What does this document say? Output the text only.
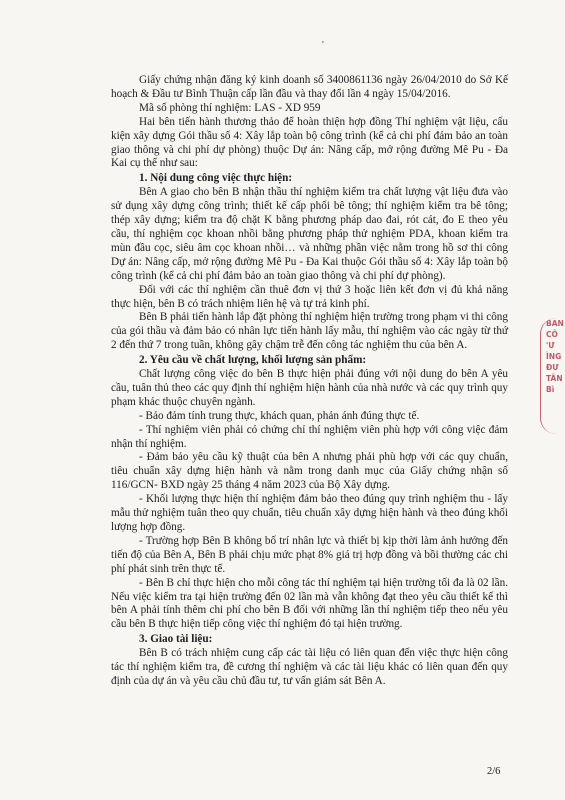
'

Giấy chứng nhận đăng ký kinh doanh số 3400861136 ngày 26/04/2010 do Sở Kế hoạch & Đầu tư Bình Thuận cấp lần đầu và thay đổi lần 4 ngày 15/04/2016.

Mã số phòng thí nghiệm: LAS - XD 959

Hai bên tiến hành thương thảo để hoàn thiện hợp đồng Thí nghiệm vật liệu, cấu kiện xây dựng Gói thầu số 4: Xây lắp toàn bộ công trình (kể cả chi phí đảm bảo an toàn giao thông và chi phí dự phòng) thuộc Dự án: Nâng cấp, mở rộng đường Mê Pu - Đa Kai cụ thể như sau:

1. Nội dung công việc thực hiện:

Bên A giao cho bên B nhận thầu thí nghiệm kiểm tra chất lượng vật liệu đưa vào sử dụng xây dựng công trình; thiết kế cấp phối bê tông; thí nghiệm kiểm tra bê tông; thép xây dựng; kiểm tra độ chặt K bằng phương pháp dao đai, rót cát, đo E theo yêu cầu, thí nghiệm cọc khoan nhồi bằng phương pháp thử nghiệm PDA, khoan kiểm tra mùn đầu cọc, siêu âm cọc khoan nhồi… và những phần việc nằm trong hồ sơ thi công Dự án: Nâng cấp, mở rộng đường Mê Pu - Đa Kai thuộc Gói thầu số 4: Xây lắp toàn bộ công trình (kể cả chi phí đảm bảo an toàn giao thông và chi phí dự phòng).

Đối với các thí nghiệm cần thuê đơn vị thứ 3 hoặc liên kết đơn vị đủ khả năng thực hiện, bên B có trách nhiệm liên hệ và tự trả kinh phí.

Bên B phải tiến hành lắp đặt phòng thí nghiệm hiện trường trong phạm vi thi công của gói thầu và đảm bảo có nhân lực tiến hành lấy mẫu, thí nghiệm vào các ngày từ thứ 2 đến thứ 7 trong tuần, không gây chậm trễ đến công tác nghiệm thu của bên A.

2. Yêu cầu về chất lượng, khối lượng sản phẩm:

Chất lượng công việc do bên B thực hiện phải đúng với nội dung do bên A yêu cầu, tuân thủ theo các quy định thí nghiệm hiện hành của nhà nước và các quy trình quy phạm khác thuộc chuyên ngành.

- Bảo đảm tính trung thực, khách quan, phản ánh đúng thực tế.

- Thí nghiệm viên phải có chứng chỉ thí nghiệm viên phù hợp với công việc đảm nhận thí nghiệm.

- Đảm bảo yêu cầu kỹ thuật của bên A nhưng phải phù hợp với các quy chuẩn, tiêu chuẩn xây dựng hiện hành và nằm trong danh mục của Giấy chứng nhận số 116/GCN- BXD ngày 25 tháng 4 năm 2023 của Bộ Xây dựng.

- Khối lượng thực hiện thí nghiệm đảm bảo theo đúng quy trình nghiệm thu - lấy mẫu thử nghiệm tuân theo quy chuẩn, tiêu chuẩn xây dựng hiện hành và theo đúng khối lượng hợp đồng.

- Trường hợp Bên B không bố trí nhân lực và thiết bị kịp thời làm ảnh hưởng đến tiến độ của Bên A, Bên B phải chịu mức phạt 8% giá trị hợp đồng và bồi thường các chi phí phát sinh trên thực tế.

- Bên B chỉ thực hiện cho mỗi công tác thí nghiệm tại hiện trường tối đa là 02 lần. Nếu việc kiểm tra tại hiện trường đến 02 lần mà vẫn không đạt theo yêu cầu thiết kế thì bên A phải tính thêm chi phí cho bên B đối với những lần thí nghiệm tiếp theo nếu yêu cầu bên B thực hiện tiếp công việc thí nghiệm đó tại hiện trường.

3. Giao tài liệu:

Bên B có trách nhiệm cung cấp các tài liệu có liên quan đến việc thực hiện công tác thí nghiệm kiểm tra, đề cương thí nghiệm và các tài liệu khác có liên quan đến quy định của dự án và yêu cầu chủ đầu tư, tư vấn giám sát Bên A.

BAN
CÔ
'Ư
ÌNG
ĐƯ
TÂN
Bì
2/6
